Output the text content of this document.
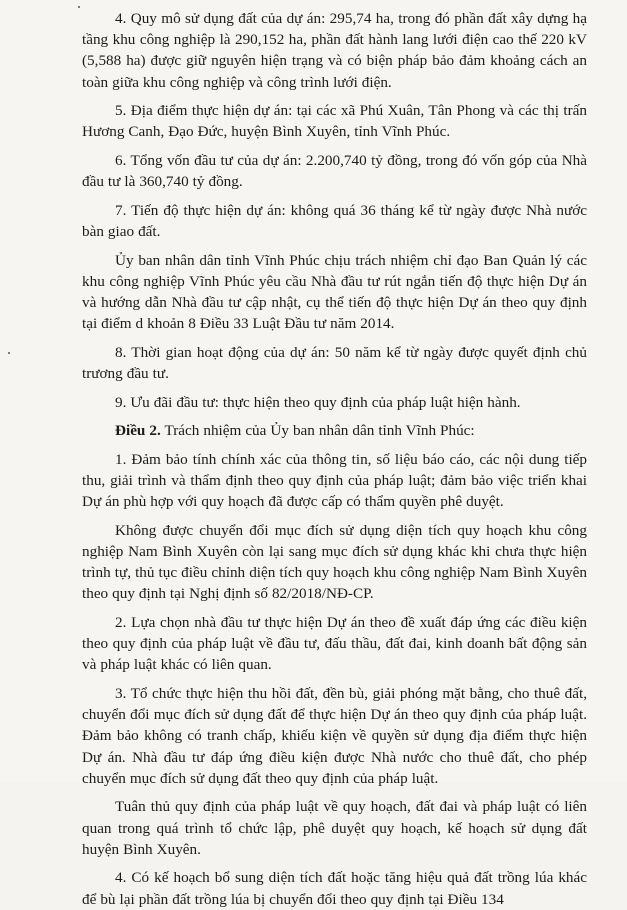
4. Quy mô sử dụng đất của dự án: 295,74 ha, trong đó phần đất xây dựng hạ tầng khu công nghiệp là 290,152 ha, phần đất hành lang lưới điện cao thế 220 kV (5,588 ha) được giữ nguyên hiện trạng và có biện pháp bảo đảm khoảng cách an toàn giữa khu công nghiệp và công trình lưới điện.

5. Địa điểm thực hiện dự án: tại các xã Phú Xuân, Tân Phong và các thị trấn Hương Canh, Đạo Đức, huyện Bình Xuyên, tỉnh Vĩnh Phúc.

6. Tổng vốn đầu tư của dự án: 2.200,740 tỷ đồng, trong đó vốn góp của Nhà đầu tư là 360,740 tỷ đồng.

7. Tiến độ thực hiện dự án: không quá 36 tháng kể từ ngày được Nhà nước bàn giao đất.

Ủy ban nhân dân tỉnh Vĩnh Phúc chịu trách nhiệm chỉ đạo Ban Quản lý các khu công nghiệp Vĩnh Phúc yêu cầu Nhà đầu tư rút ngắn tiến độ thực hiện Dự án và hướng dẫn Nhà đầu tư cập nhật, cụ thể tiến độ thực hiện Dự án theo quy định tại điểm d khoản 8 Điều 33 Luật Đầu tư năm 2014.

8. Thời gian hoạt động của dự án: 50 năm kể từ ngày được quyết định chủ trương đầu tư.

9. Ưu đãi đầu tư: thực hiện theo quy định của pháp luật hiện hành.

Điều 2. Trách nhiệm của Ủy ban nhân dân tỉnh Vĩnh Phúc:

1. Đảm bảo tính chính xác của thông tin, số liệu báo cáo, các nội dung tiếp thu, giải trình và thẩm định theo quy định của pháp luật; đảm bảo việc triển khai Dự án phù hợp với quy hoạch đã được cấp có thẩm quyền phê duyệt.

Không được chuyển đổi mục đích sử dụng diện tích quy hoạch khu công nghiệp Nam Bình Xuyên còn lại sang mục đích sử dụng khác khi chưa thực hiện trình tự, thủ tục điều chỉnh diện tích quy hoạch khu công nghiệp Nam Bình Xuyên theo quy định tại Nghị định số 82/2018/NĐ-CP.

2. Lựa chọn nhà đầu tư thực hiện Dự án theo đề xuất đáp ứng các điều kiện theo quy định của pháp luật về đầu tư, đấu thầu, đất đai, kinh doanh bất động sản và pháp luật khác có liên quan.

3. Tổ chức thực hiện thu hồi đất, đền bù, giải phóng mặt bằng, cho thuê đất, chuyển đổi mục đích sử dụng đất để thực hiện Dự án theo quy định của pháp luật. Đảm bảo không có tranh chấp, khiếu kiện về quyền sử dụng địa điểm thực hiện Dự án. Nhà đầu tư đáp ứng điều kiện được Nhà nước cho thuê đất, cho phép chuyển mục đích sử dụng đất theo quy định của pháp luật.

Tuân thủ quy định của pháp luật về quy hoạch, đất đai và pháp luật có liên quan trong quá trình tổ chức lập, phê duyệt quy hoạch, kế hoạch sử dụng đất huyện Bình Xuyên.

4. Có kế hoạch bổ sung diện tích đất hoặc tăng hiệu quả đất trồng lúa khác để bù lại phần đất trồng lúa bị chuyển đổi theo quy định tại Điều 134
